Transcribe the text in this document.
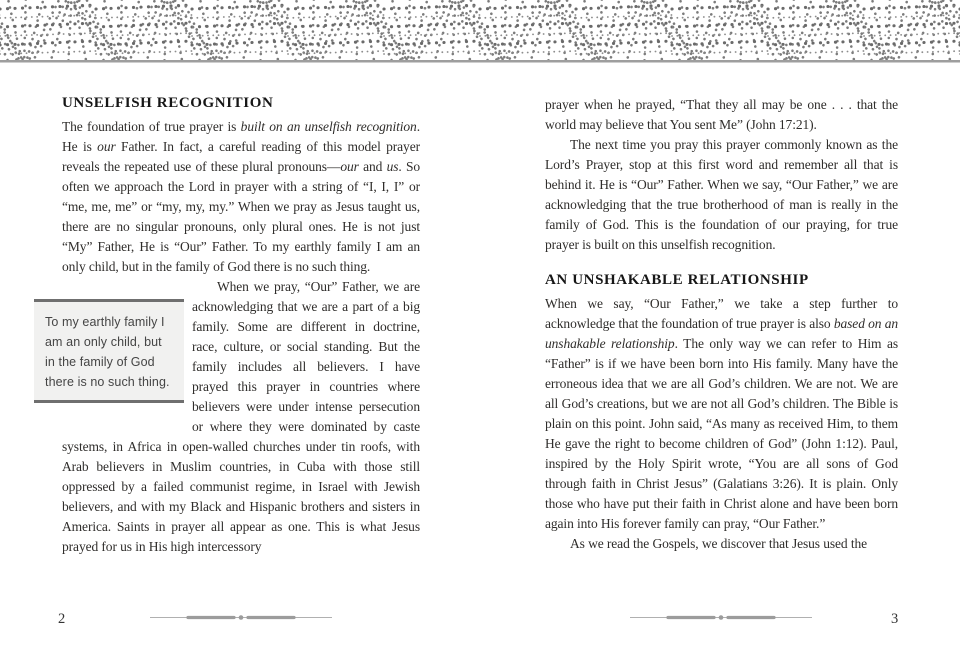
UNSELFISH RECOGNITION

The foundation of true prayer is built on an unselfish recognition. He is our Father. In fact, a careful reading of this model prayer reveals the repeated use of these plural pronouns—our and us. So often we approach the Lord in prayer with a string of “I, I, I” or “me, me, me” or “my, my, my.” When we pray as Jesus taught us, there are no singular pronouns, only plural ones. He is not just “My” Father, He is “Our” Father. To my earthly family I am an only child, but in the family of God there is no such thing.

To my earthly family I am an only child, but in the family of God there is no such thing.
When we pray, “Our” Father, we are acknowledging that we are a part of a big family. Some are different in doctrine, race, culture, or social standing. But the family includes all believers. I have prayed this prayer in countries where believers were under intense persecution or where they were dominated by caste systems, in Africa in open-walled churches under tin roofs, with Arab believers in Muslim countries, in Cuba with those still oppressed by a failed communist regime, in Israel with Jewish believers, and with my Black and Hispanic brothers and sisters in America. Saints in prayer all appear as one. This is what Jesus prayed for us in His high intercessory

2

prayer when he prayed, “That they all may be one . . . that the world may believe that You sent Me” (John 17:21).

The next time you pray this prayer commonly known as the Lord’s Prayer, stop at this first word and remember all that is behind it. He is “Our” Father. When we say, “Our Father,” we are acknowledging that the true brotherhood of man is really in the family of God. This is the foundation of our praying, for true prayer is built on this unselfish recognition.

AN UNSHAKABLE RELATIONSHIP

When we say, “Our Father,” we take a step further to acknowledge that the foundation of true prayer is also based on an unshakable relationship. The only way we can refer to Him as “Father” is if we have been born into His family. Many have the erroneous idea that we are all God’s children. We are not. We are all God’s creations, but we are not all God’s children. The Bible is plain on this point. John said, “As many as received Him, to them He gave the right to become children of God” (John 1:12). Paul, inspired by the Holy Spirit wrote, “You are all sons of God through faith in Christ Jesus” (Galatians 3:26). It is plain. Only those who have put their faith in Christ alone and have been born again into His forever family can pray, “Our Father.”

As we read the Gospels, we discover that Jesus used the

3
